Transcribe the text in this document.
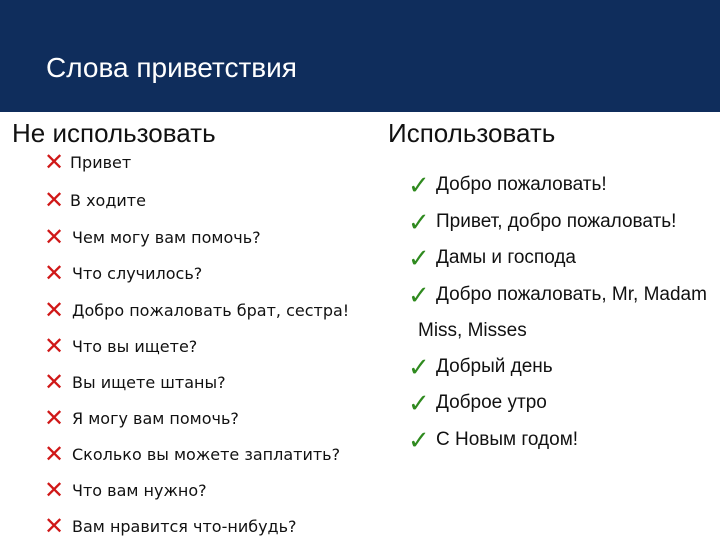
Слова приветствия
Не использовать	Использовать
✕ Привет
✕ В ходите
✕ Чем могу вам помочь?
✕ Что случилось?
✕ Добро пожаловать брат, сестра!
✕ Что вы ищете?
✕ Вы ищете штаны?
✕ Я могу вам помочь?
✕ Сколько вы можете заплатить?
✕ Что вам нужно?
✕ Вам нравится что-нибудь?
✓ Добро пожаловать!
✓ Привет, добро пожаловать!
✓ Дамы и господа
✓ Добро пожаловать, Mr, Madam
Miss, Misses
✓ Добрый день
✓ Доброе утро
✓ С Новым годом!
